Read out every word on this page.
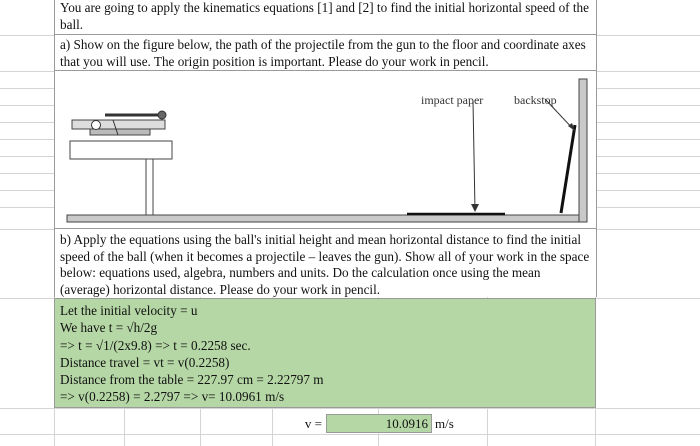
You are going to apply the kinematics equations [1] and [2] to find the initial horizontal speed of the ball.
a) Show on the figure below, the path of the projectile from the gun to the floor and coordinate axes that you will use. The origin position is important. Please do your work in pencil.
impact paper	backstop
b) Apply the equations using the ball's initial height and mean horizontal distance to find the initial speed of the ball (when it becomes a projectile – leaves the gun). Show all of your work in the space below: equations used, algebra, numbers and units. Do the calculation once using the mean (average) horizontal distance. Please do your work in pencil.
Let the initial velocity = u
We have t = √h/2g
=> t = √1/(2x9.8) => t = 0.2258 sec.
Distance travel = vt = v(0.2258)
Distance from the table = 227.97 cm = 2.22797 m
=> v(0.2258) = 2.2797 => v= 10.0961 m/s
v =	10.0916 m/s
